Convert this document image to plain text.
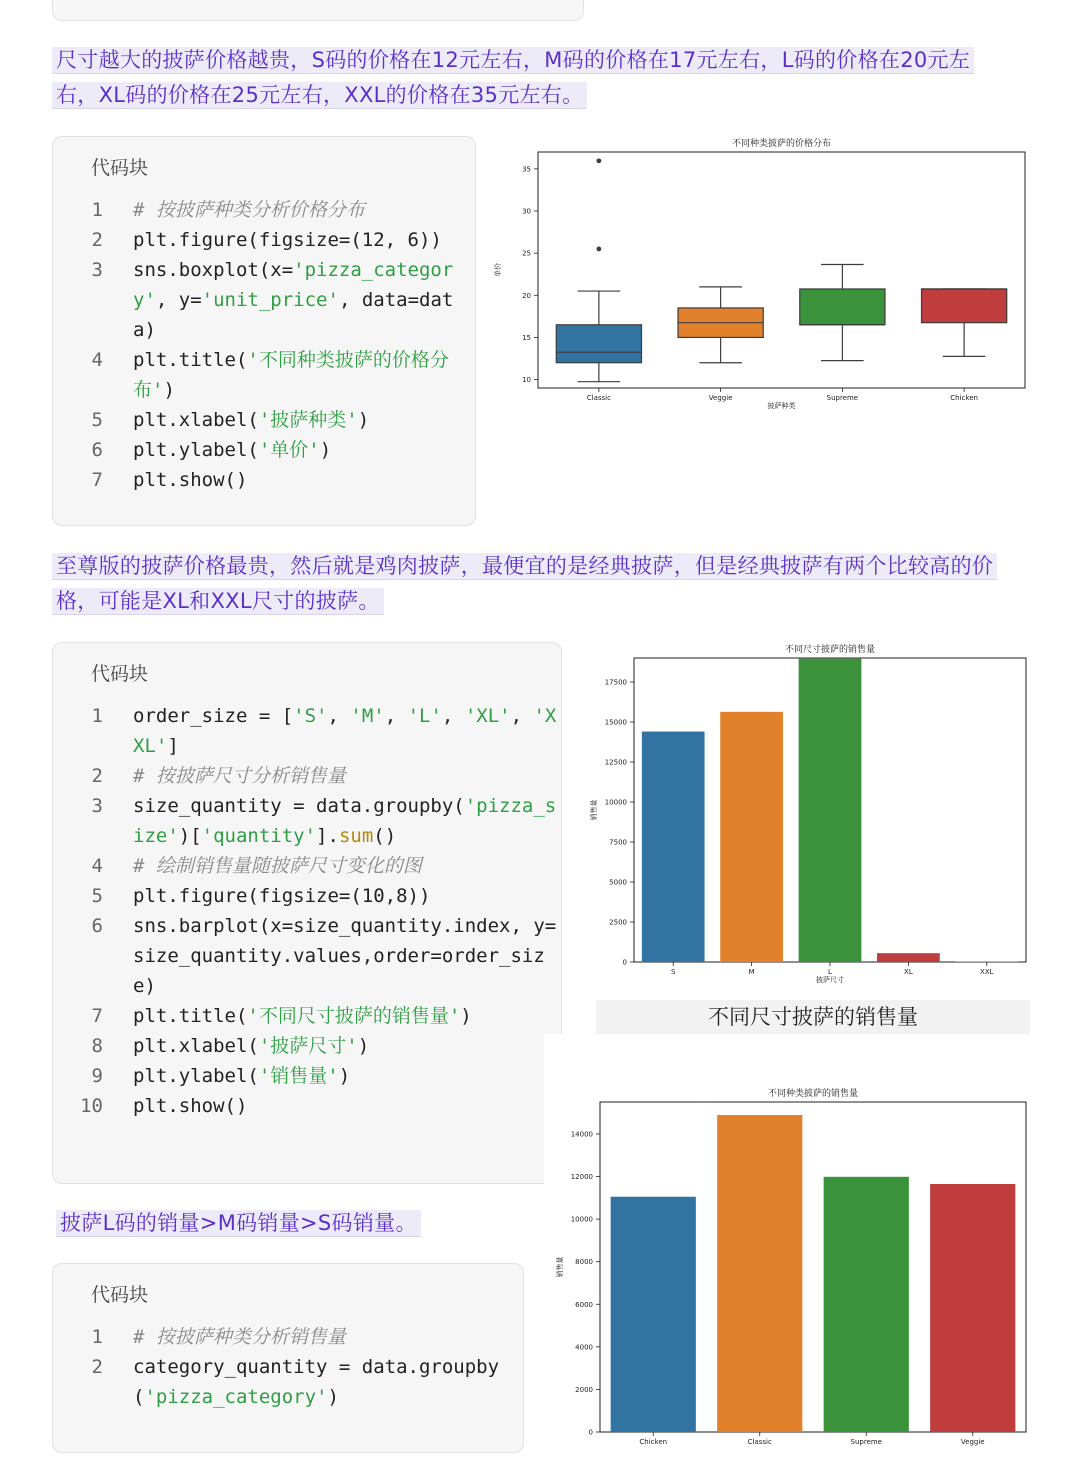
尺寸越大的披萨价格越贵，S码的价格在12元左右，M码的价格在17元左右，L码的价格在20元左
右，XL码的价格在25元左右，XXL的价格在35元左右。
代码块
1	# 按披萨种类分析价格分布
2	plt.figure(figsize=(12, 6))
3	sns.boxplot(x='pizza_category', y='unit_price', data=data)
4	plt.title('不同种类披萨的价格分布')
5	plt.xlabel('披萨种类')
6	plt.ylabel('单价')
7	plt.show()
不同种类披萨的价格分布
10
15
20
25
30
35
单价
披萨种类
Classic	Veggie	Supreme	Chicken
至尊版的披萨价格最贵，然后就是鸡肉披萨，最便宜的是经典披萨，但是经典披萨有两个比较高的价
格，可能是XL和XXL尺寸的披萨。
代码块
1	order_size = ['S', 'M', 'L', 'XL', 'XXL']
2	# 按披萨尺寸分析销售量
3	size_quantity = data.groupby('pizza_size')['quantity'].sum()
4	# 绘制销售量随披萨尺寸变化的图
5	plt.figure(figsize=(10,8))
6	sns.barplot(x=size_quantity.index, y=size_quantity.values,order=order_size)
7	plt.title('不同尺寸披萨的销售量')
8	plt.xlabel('披萨尺寸')
9	plt.ylabel('销售量')
10	plt.show()
不同尺寸披萨的销售量
0
2500
5000
7500
10000
12500
15000
17500
销售量
披萨尺寸
S	M	L	XL	XXL
不同尺寸披萨的销售量
披萨L码的销量>M码销量>S码销量。
代码块
1	# 按披萨种类分析销售量
2	category_quantity = data.groupby('pizza_category')
不同种类披萨的销售量
0
2000
4000
6000
8000
10000
12000
14000
销售量
Chicken	Classic	Supreme	Veggie
